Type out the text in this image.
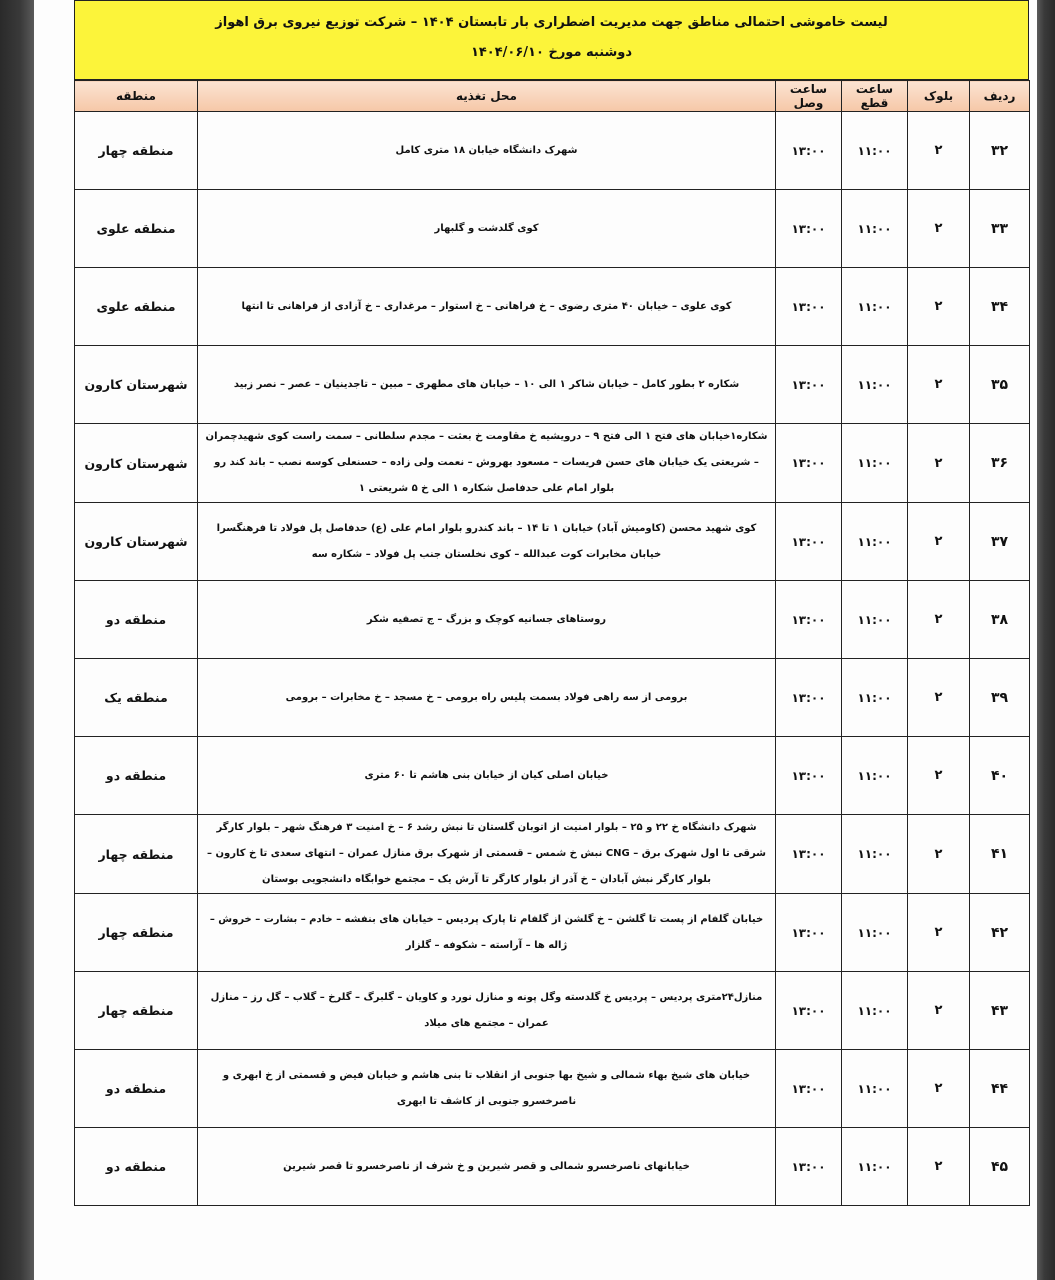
لیست خاموشی احتمالی مناطق جهت مدیریت اضطراری بار تابستان ۱۴۰۴ – شرکت توزیع نیروی برق اهواز
دوشنبه مورخ ۱۴۰۴/۰۶/۱۰
ردیف	بلوک	ساعت قطع	ساعت وصل	محل تغذیه	منطقه
۳۲	۲	۱۱:۰۰	۱۳:۰۰	شهرک دانشگاه خیابان ۱۸ متری کامل	منطقه چهار
۳۳	۲	۱۱:۰۰	۱۳:۰۰	کوی گلدشت و گلبهار	منطقه علوی
۳۴	۲	۱۱:۰۰	۱۳:۰۰	کوی علوی – خیابان ۴۰ متری رضوی – خ فراهانی – خ استوار – مرغداری – خ آزادی از فراهانی تا انتها	منطقه علوی
۳۵	۲	۱۱:۰۰	۱۳:۰۰	شکاره ۲ بطور کامل – خیابان شاکر ۱ الی ۱۰ – خیابان های مطهری – مبین – تاجدینیان – عصر – نصر زبید	شهرستان کارون
۳۶	۲	۱۱:۰۰	۱۳:۰۰	شکاره۱خیابان های فتح ۱ الی فتح ۹ – درویشیه خ مقاومت خ بعثت – مجدم سلطانی – سمت راست کوی شهیدچمران – شریعتی یک خیابان های حسن فریسات – مسعود بهروش – نعمت ولی زاده – حسنعلی کوسه نصب – باند کند رو بلوار امام علی حدفاصل شکاره ۱ الی خ ۵ شریعتی ۱	شهرستان کارون
۳۷	۲	۱۱:۰۰	۱۳:۰۰	کوی شهید محسن (کاومیش آباد) خیابان ۱ تا ۱۴ – باند کندرو بلوار امام علی (ع) حدفاصل پل فولاد تا فرهنگسرا خیابان مخابرات کوت عبدالله – کوی نخلستان جنب پل فولاد – شکاره سه	شهرستان کارون
۳۸	۲	۱۱:۰۰	۱۳:۰۰	روستاهای جسانیه کوچک و بزرگ – ج تصفیه شکر	منطقه دو
۳۹	۲	۱۱:۰۰	۱۳:۰۰	برومی از سه راهی فولاد بسمت پلیس راه برومی – خ مسجد – خ مخابرات – برومی	منطقه یک
۴۰	۲	۱۱:۰۰	۱۳:۰۰	خیابان اصلی کیان از خیابان بنی هاشم تا ۶۰ متری	منطقه دو
۴۱	۲	۱۱:۰۰	۱۳:۰۰	شهرک دانشگاه خ ۲۲ و ۲۵ – بلوار امنیت از اتوبان گلستان تا نبش رشد ۶ – خ امنیت ۳ فرهنگ شهر – بلوار کارگر شرقی تا اول شهرک برق – CNG نبش خ شمس – قسمتی از شهرک برق منازل عمران – انتهای سعدی تا خ کارون – بلوار کارگر نبش آبادان – خ آذر از بلوار کارگر تا آرش یک – مجتمع خوابگاه دانشجویی بوستان	منطقه چهار
۴۲	۲	۱۱:۰۰	۱۳:۰۰	خیابان گلفام از پست تا گلشن – خ گلشن از گلفام تا پارک پردیس – خیابان های بنفشه – خادم – بشارت – خروش – ژاله ها – آراسته – شکوفه – گلزار	منطقه چهار
۴۳	۲	۱۱:۰۰	۱۳:۰۰	منازل۲۴متری پردیس – پردیس خ گلدسته وگل پونه و منازل نورد و کاویان – گلبرگ – گلرخ – گلاب – گل رز – منازل عمران – مجتمع های میلاد	منطقه چهار
۴۴	۲	۱۱:۰۰	۱۳:۰۰	خیابان های شیخ بهاء شمالی و شیخ بها جنوبی از انقلاب تا بنی هاشم و خیابان فیض و قسمتی از خ ابهری و ناصرخسرو جنوبی از کاشف تا ابهری	منطقه دو
۴۵	۲	۱۱:۰۰	۱۳:۰۰	خیابانهای ناصرخسرو شمالی و قصر شیرین و خ شرف از ناصرخسرو تا قصر شیرین	منطقه دو
